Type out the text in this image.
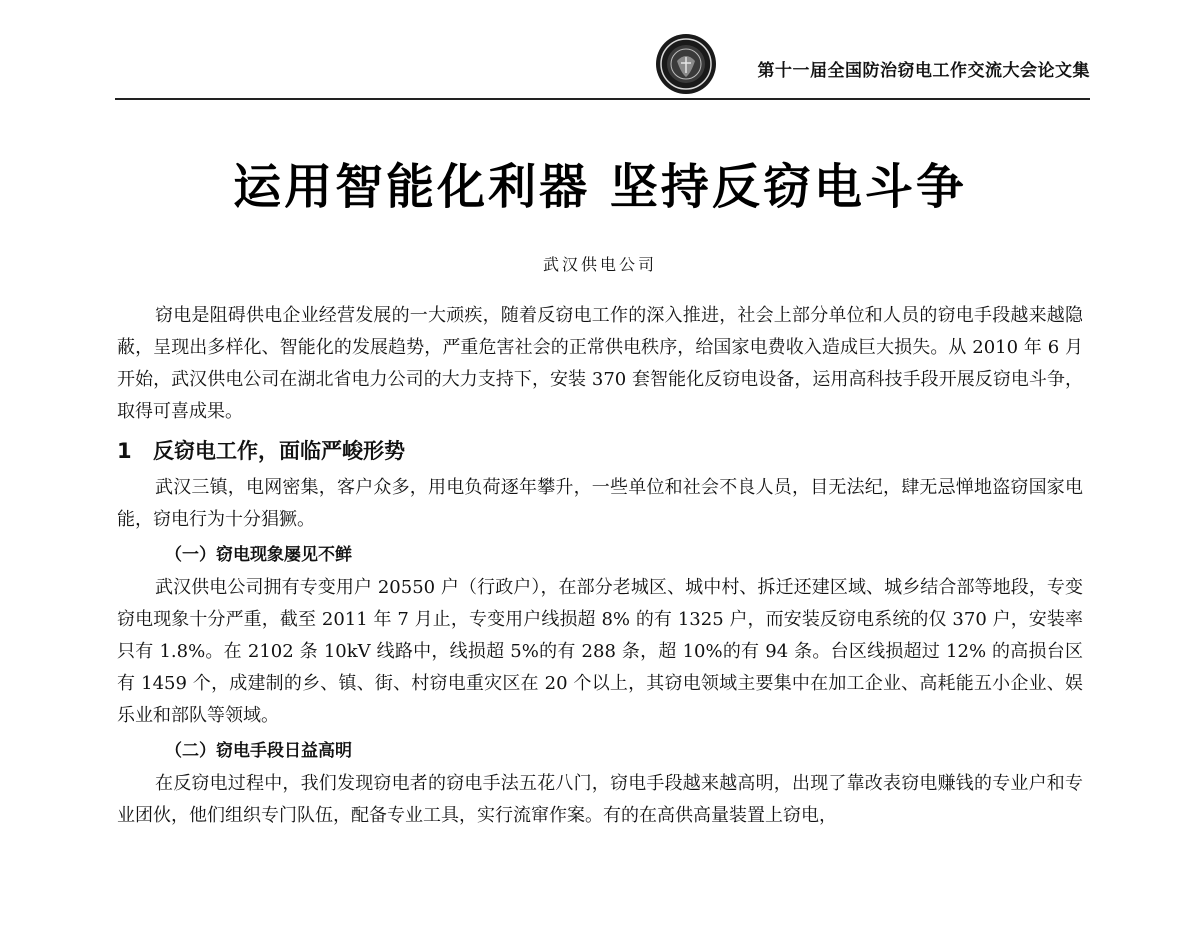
第十一届全国防治窃电工作交流大会论文集
运用智能化利器 坚持反窃电斗争
武汉供电公司

窃电是阻碍供电企业经营发展的一大顽疾，随着反窃电工作的深入推进，社会上部分单位和人员的窃电手段越来越隐蔽，呈现出多样化、智能化的发展趋势，严重危害社会的正常供电秩序，给国家电费收入造成巨大损失。从 2010 年 6 月开始，武汉供电公司在湖北省电力公司的大力支持下，安装 370 套智能化反窃电设备，运用高科技手段开展反窃电斗争，取得可喜成果。

1 反窃电工作，面临严峻形势

武汉三镇，电网密集，客户众多，用电负荷逐年攀升，一些单位和社会不良人员，目无法纪，肆无忌惮地盗窃国家电能，窃电行为十分猖獗。

（一）窃电现象屡见不鲜

武汉供电公司拥有专变用户 20550 户（行政户），在部分老城区、城中村、拆迁还建区域、城乡结合部等地段，专变窃电现象十分严重，截至 2011 年 7 月止，专变用户线损超 8% 的有 1325 户，而安装反窃电系统的仅 370 户，安装率只有 1.8%。在 2102 条 10kV 线路中，线损超 5%的有 288 条，超 10%的有 94 条。台区线损超过 12% 的高损台区有 1459 个，成建制的乡、镇、街、村窃电重灾区在 20 个以上，其窃电领域主要集中在加工企业、高耗能五小企业、娱乐业和部队等领域。

（二）窃电手段日益高明

在反窃电过程中，我们发现窃电者的窃电手法五花八门，窃电手段越来越高明，出现了靠改表窃电赚钱的专业户和专业团伙，他们组织专门队伍，配备专业工具，实行流窜作案。有的在高供高量装置上窃电，
